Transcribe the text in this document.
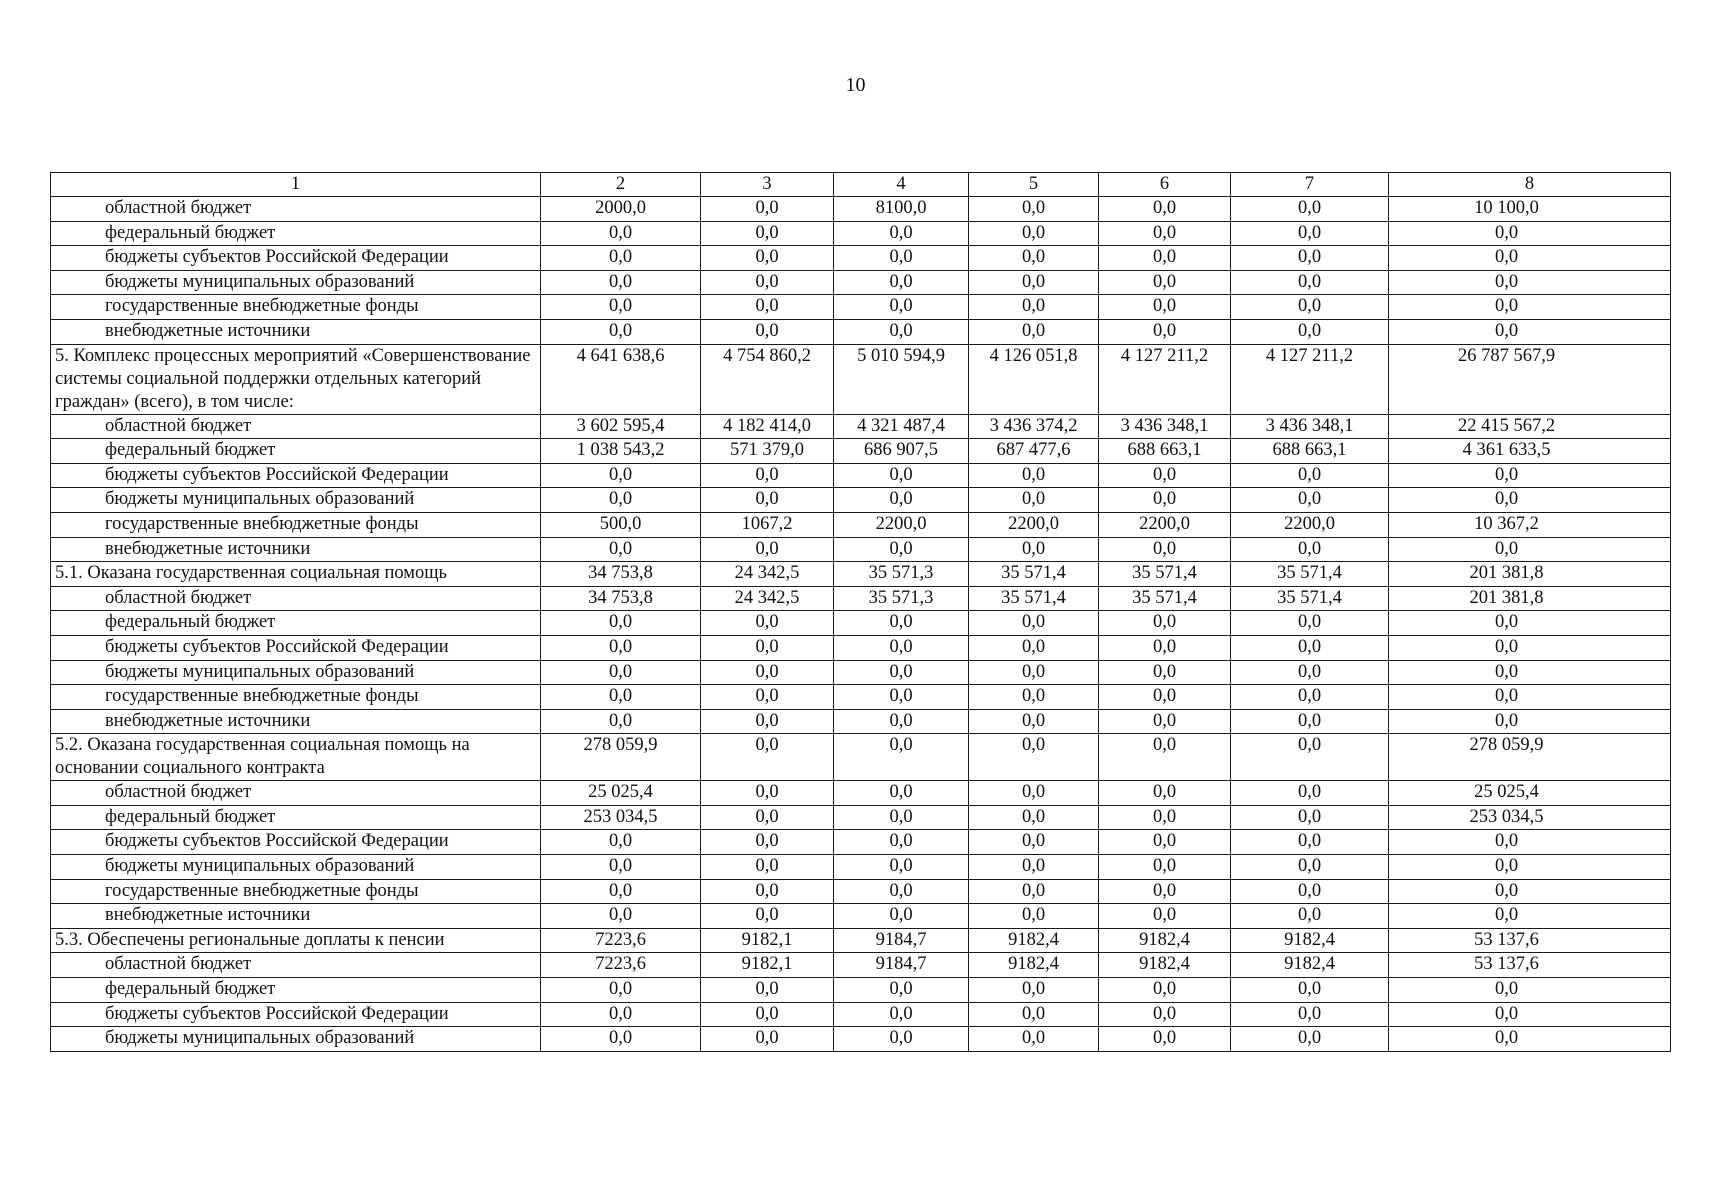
10
1	2	3	4	5	6	7	8
областной бюджет	2000,0	0,0	8100,0	0,0	0,0	0,0	10 100,0
федеральный бюджет	0,0	0,0	0,0	0,0	0,0	0,0	0,0
бюджеты субъектов Российской Федерации	0,0	0,0	0,0	0,0	0,0	0,0	0,0
бюджеты муниципальных образований	0,0	0,0	0,0	0,0	0,0	0,0	0,0
государственные внебюджетные фонды	0,0	0,0	0,0	0,0	0,0	0,0	0,0
внебюджетные источники	0,0	0,0	0,0	0,0	0,0	0,0	0,0
5. Комплекс процессных мероприятий «Совершенствование системы социальной поддержки отдельных категорий граждан» (всего), в том числе:	4 641 638,6	4 754 860,2	5 010 594,9	4 126 051,8	4 127 211,2	4 127 211,2	26 787 567,9
областной бюджет	3 602 595,4	4 182 414,0	4 321 487,4	3 436 374,2	3 436 348,1	3 436 348,1	22 415 567,2
федеральный бюджет	1 038 543,2	571 379,0	686 907,5	687 477,6	688 663,1	688 663,1	4 361 633,5
бюджеты субъектов Российской Федерации	0,0	0,0	0,0	0,0	0,0	0,0	0,0
бюджеты муниципальных образований	0,0	0,0	0,0	0,0	0,0	0,0	0,0
государственные внебюджетные фонды	500,0	1067,2	2200,0	2200,0	2200,0	2200,0	10 367,2
внебюджетные источники	0,0	0,0	0,0	0,0	0,0	0,0	0,0
5.1. Оказана государственная социальная помощь	34 753,8	24 342,5	35 571,3	35 571,4	35 571,4	35 571,4	201 381,8
областной бюджет	34 753,8	24 342,5	35 571,3	35 571,4	35 571,4	35 571,4	201 381,8
федеральный бюджет	0,0	0,0	0,0	0,0	0,0	0,0	0,0
бюджеты субъектов Российской Федерации	0,0	0,0	0,0	0,0	0,0	0,0	0,0
бюджеты муниципальных образований	0,0	0,0	0,0	0,0	0,0	0,0	0,0
государственные внебюджетные фонды	0,0	0,0	0,0	0,0	0,0	0,0	0,0
внебюджетные источники	0,0	0,0	0,0	0,0	0,0	0,0	0,0
5.2. Оказана государственная социальная помощь на основании социального контракта	278 059,9	0,0	0,0	0,0	0,0	0,0	278 059,9
областной бюджет	25 025,4	0,0	0,0	0,0	0,0	0,0	25 025,4
федеральный бюджет	253 034,5	0,0	0,0	0,0	0,0	0,0	253 034,5
бюджеты субъектов Российской Федерации	0,0	0,0	0,0	0,0	0,0	0,0	0,0
бюджеты муниципальных образований	0,0	0,0	0,0	0,0	0,0	0,0	0,0
государственные внебюджетные фонды	0,0	0,0	0,0	0,0	0,0	0,0	0,0
внебюджетные источники	0,0	0,0	0,0	0,0	0,0	0,0	0,0
5.3. Обеспечены региональные доплаты к пенсии	7223,6	9182,1	9184,7	9182,4	9182,4	9182,4	53 137,6
областной бюджет	7223,6	9182,1	9184,7	9182,4	9182,4	9182,4	53 137,6
федеральный бюджет	0,0	0,0	0,0	0,0	0,0	0,0	0,0
бюджеты субъектов Российской Федерации	0,0	0,0	0,0	0,0	0,0	0,0	0,0
бюджеты муниципальных образований	0,0	0,0	0,0	0,0	0,0	0,0	0,0
